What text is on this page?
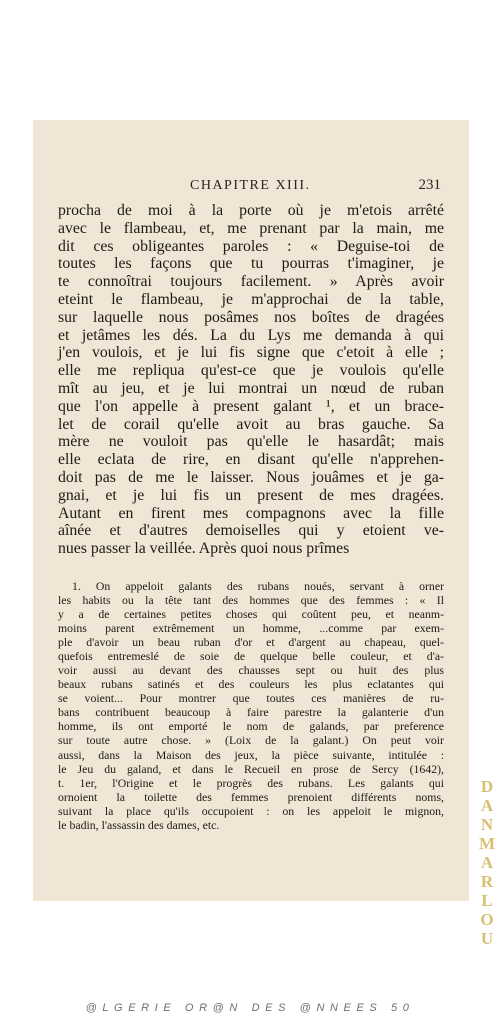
CHAPITRE XIII.	231
procha de moi à la porte où je m'etois arrêté
avec le flambeau, et, me prenant par la main, me
dit ces obligeantes paroles : « Deguise-toi de
toutes les façons que tu pourras t'imaginer, je
te connoîtrai toujours facilement. » Après avoir
eteint le flambeau, je m'approchai de la table,
sur laquelle nous posâmes nos boîtes de dragées
et jetâmes les dés. La du Lys me demanda à qui
j'en voulois, et je lui fis signe que c'etoit à elle ;
elle me repliqua qu'est-ce que je voulois qu'elle
mît au jeu, et je lui montrai un nœud de ruban
que l'on appelle à present galant ¹, et un brace-
let de corail qu'elle avoit au bras gauche. Sa
mère ne vouloit pas qu'elle le hasardât; mais
elle eclata de rire, en disant qu'elle n'apprehen-
doit pas de me le laisser. Nous jouâmes et je ga-
gnai, et je lui fis un present de mes dragées.
Autant en firent mes compagnons avec la fille
aînée et d'autres demoiselles qui y etoient ve-
nues passer la veillée. Après quoi nous prîmes
1. On appeloit galants des rubans noués, servant à orner
les habits ou la tête tant des hommes que des femmes : « Il
y a de certaines petites choses qui coûtent peu, et neanm-
moins parent extrêmement un homme, ...comme par exem-
ple d'avoir un beau ruban d'or et d'argent au chapeau, quel-
quefois entremeslé de soie de quelque belle couleur, et d'a-
voir aussi au devant des chausses sept ou huit des plus
beaux rubans satinés et des couleurs les plus eclatantes qui
se voient... Pour montrer que toutes ces manières de ru-
bans contribuent beaucoup à faire parestre la galanterie d'un
homme, ils ont emporté le nom de galands, par preference
sur toute autre chose. » (Loix de la galant.) On peut voir
aussi, dans la Maison des jeux, la pièce suivante, intitulée :
le Jeu du galand, et dans le Recueil en prose de Sercy (1642),
t. 1er, l'Origine et le progrès des rubans. Les galants qui
ornoient la toilette des femmes prenoient différents noms,
suivant la place qu'ils occupoient : on les appeloit le mignon,
le badin, l'assassin des dames, etc.
D
A
N
M
A
R
L
O
U
@LGERIE OR@N DES @NNEES 50
